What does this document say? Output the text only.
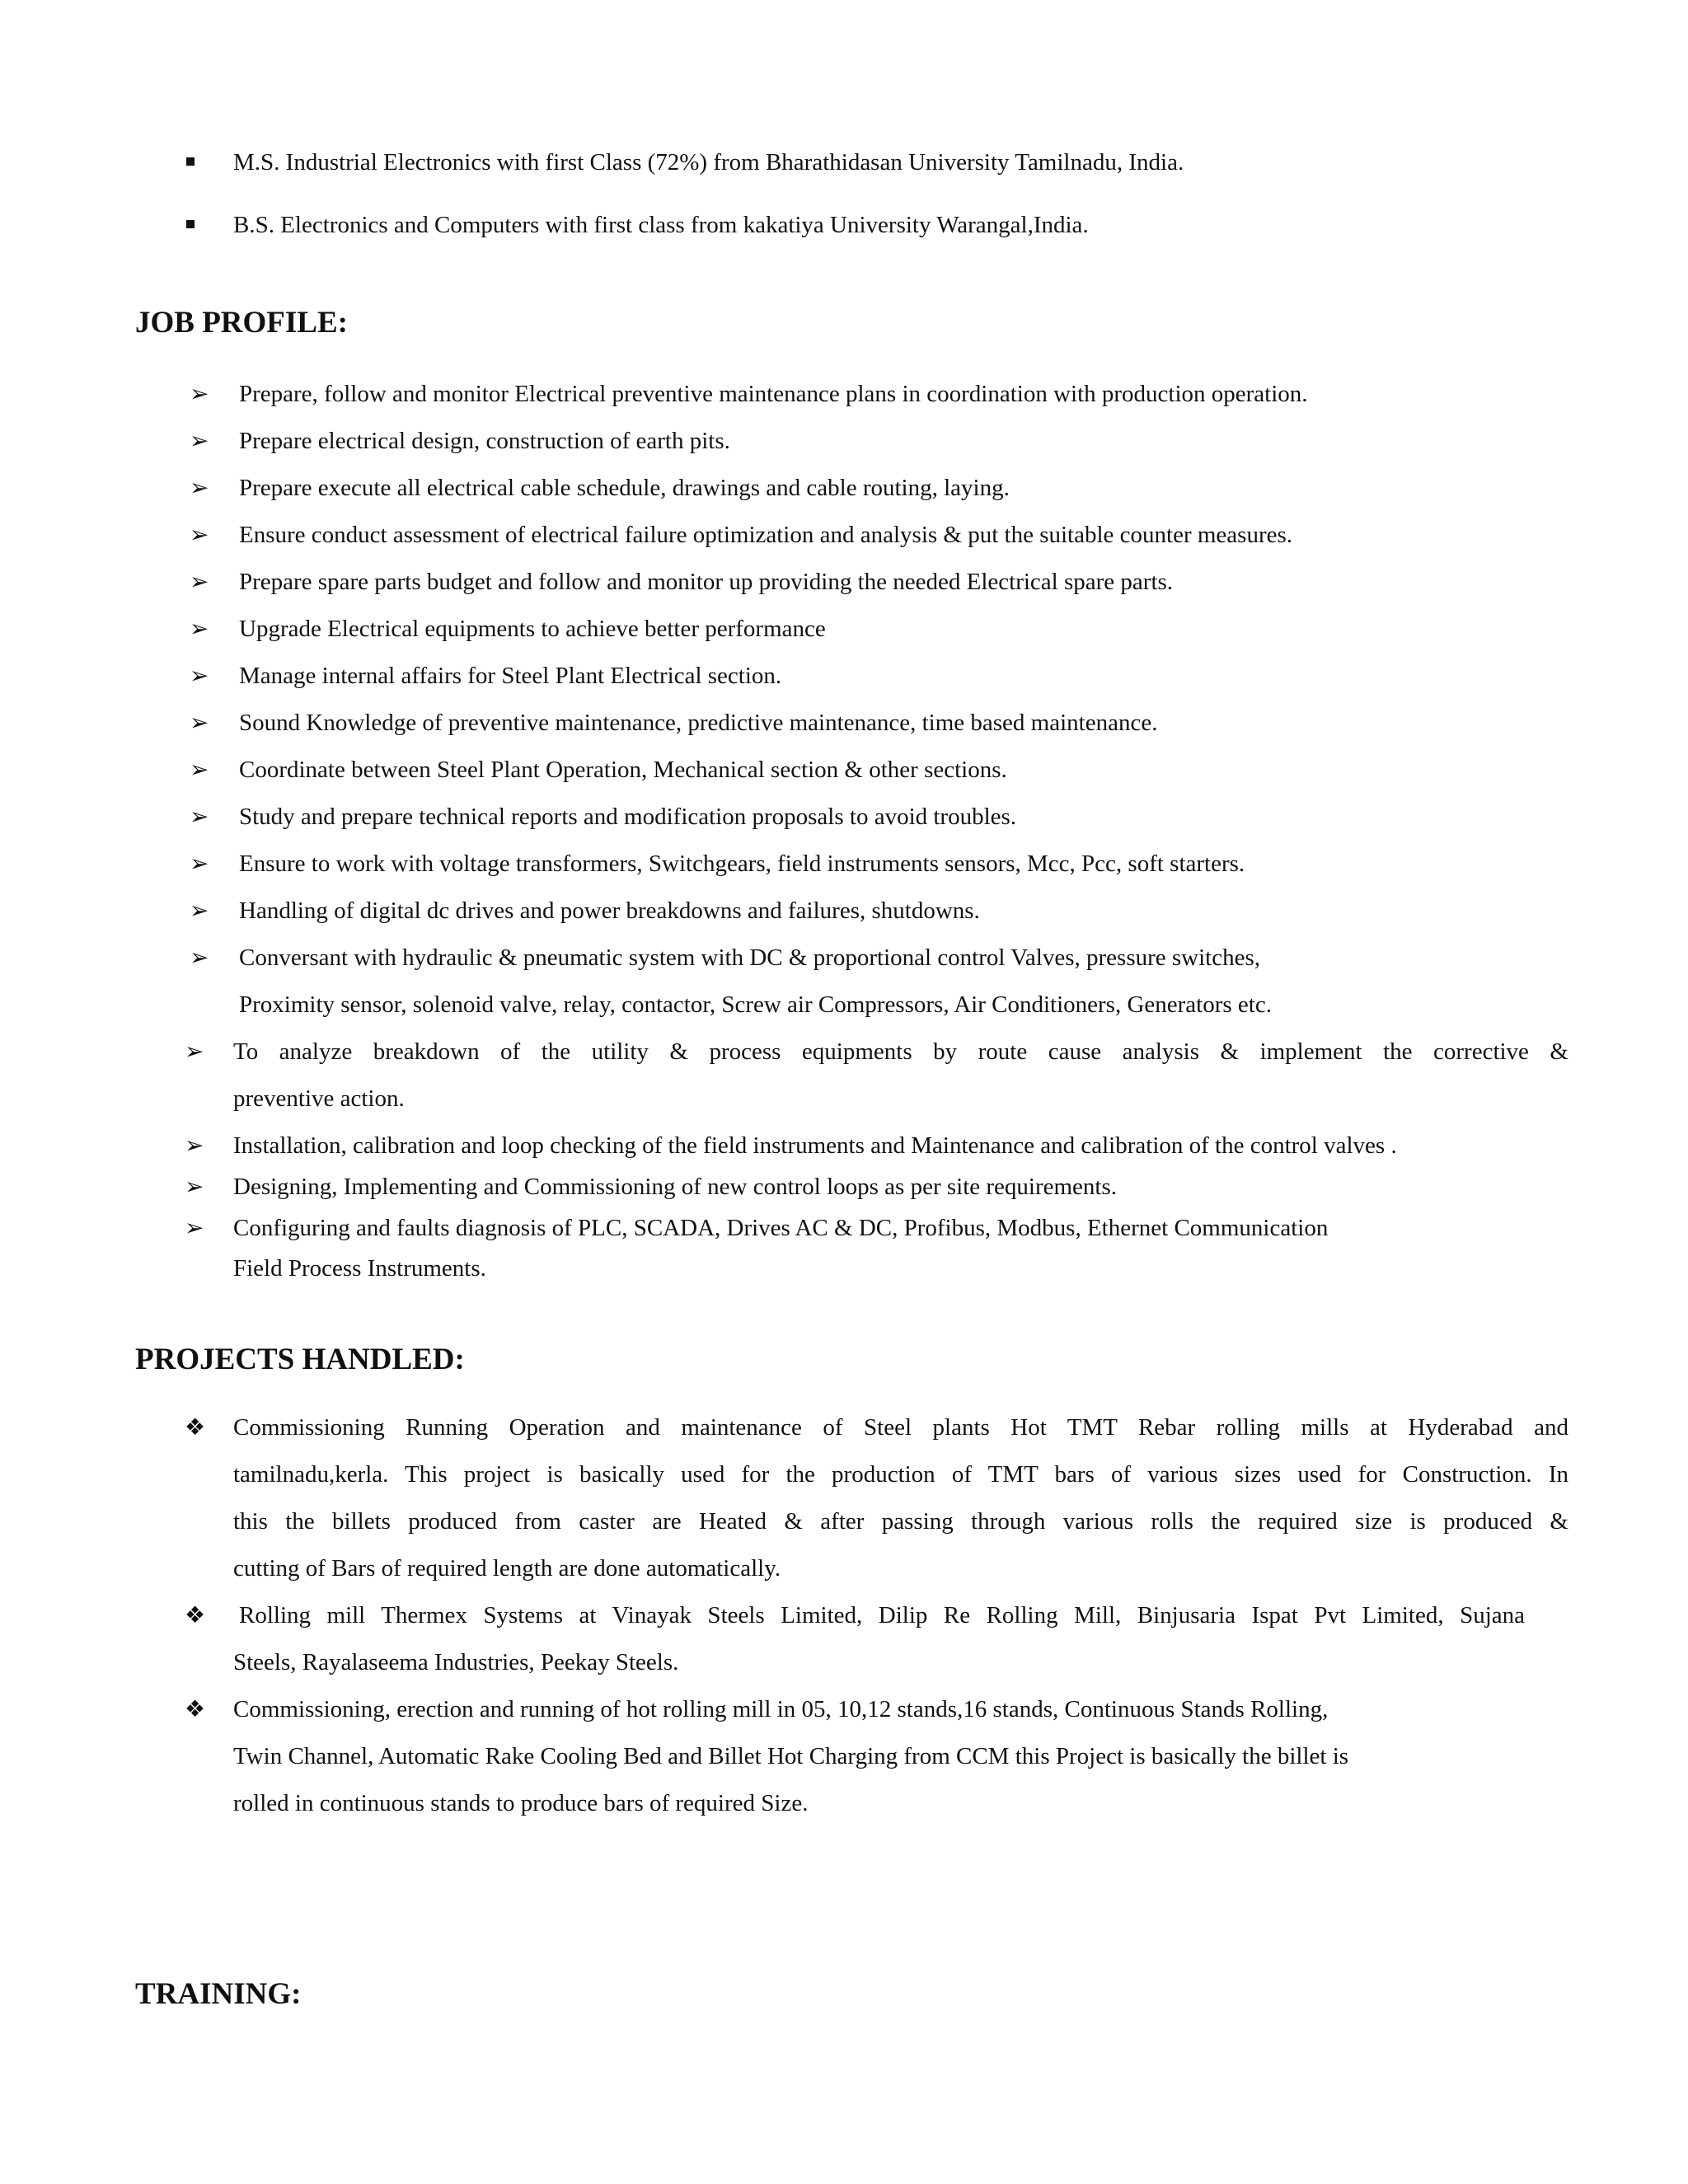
M.S. Industrial Electronics with first Class (72%) from Bharathidasan University Tamilnadu, India.
B.S. Electronics and Computers with first class from kakatiya University Warangal,India.
JOB PROFILE:
➢ Prepare, follow and monitor Electrical preventive maintenance plans in coordination with production operation.
➢ Prepare electrical design, construction of earth pits.
➢ Prepare execute all electrical cable schedule, drawings and cable routing, laying.
➢ Ensure conduct assessment of electrical failure optimization and analysis & put the suitable counter measures.
➢ Prepare spare parts budget and follow and monitor up providing the needed Electrical spare parts.
➢ Upgrade Electrical equipments to achieve better performance
➢ Manage internal affairs for Steel Plant Electrical section.
➢ Sound Knowledge of preventive maintenance, predictive maintenance, time based maintenance.
➢ Coordinate between Steel Plant Operation, Mechanical section & other sections.
➢ Study and prepare technical reports and modification proposals to avoid troubles.
➢ Ensure to work with voltage transformers, Switchgears, field instruments sensors, Mcc, Pcc, soft starters.
➢ Handling of digital dc drives and power breakdowns and failures, shutdowns.
➢ Conversant with hydraulic & pneumatic system with DC & proportional control Valves, pressure switches,
Proximity sensor, solenoid valve, relay, contactor, Screw air Compressors, Air Conditioners, Generators etc.
➢ To analyze breakdown of the utility & process equipments by route cause analysis & implement the corrective &
preventive action.
➢ Installation, calibration and loop checking of the field instruments and Maintenance and calibration of the control valves .
➢ Designing, Implementing and Commissioning of new control loops as per site requirements.
➢ Configuring and faults diagnosis of PLC, SCADA, Drives AC & DC, Profibus, Modbus, Ethernet Communication
Field Process Instruments.
PROJECTS HANDLED:
❖ Commissioning Running Operation and maintenance of Steel plants Hot TMT Rebar rolling mills at Hyderabad and
tamilnadu,kerla. This project is basically used for the production of TMT bars of various sizes used for Construction. In
this the billets produced from caster are Heated & after passing through various rolls the required size is produced &
cutting of Bars of required length are done automatically.
❖ Rolling mill Thermex Systems at Vinayak Steels Limited, Dilip Re Rolling Mill, Binjusaria Ispat Pvt Limited, Sujana
Steels, Rayalaseema Industries, Peekay Steels.
❖ Commissioning, erection and running of hot rolling mill in 05, 10,12 stands,16 stands, Continuous Stands Rolling,
Twin Channel, Automatic Rake Cooling Bed and Billet Hot Charging from CCM this Project is basically the billet is
rolled in continuous stands to produce bars of required Size.
TRAINING:
